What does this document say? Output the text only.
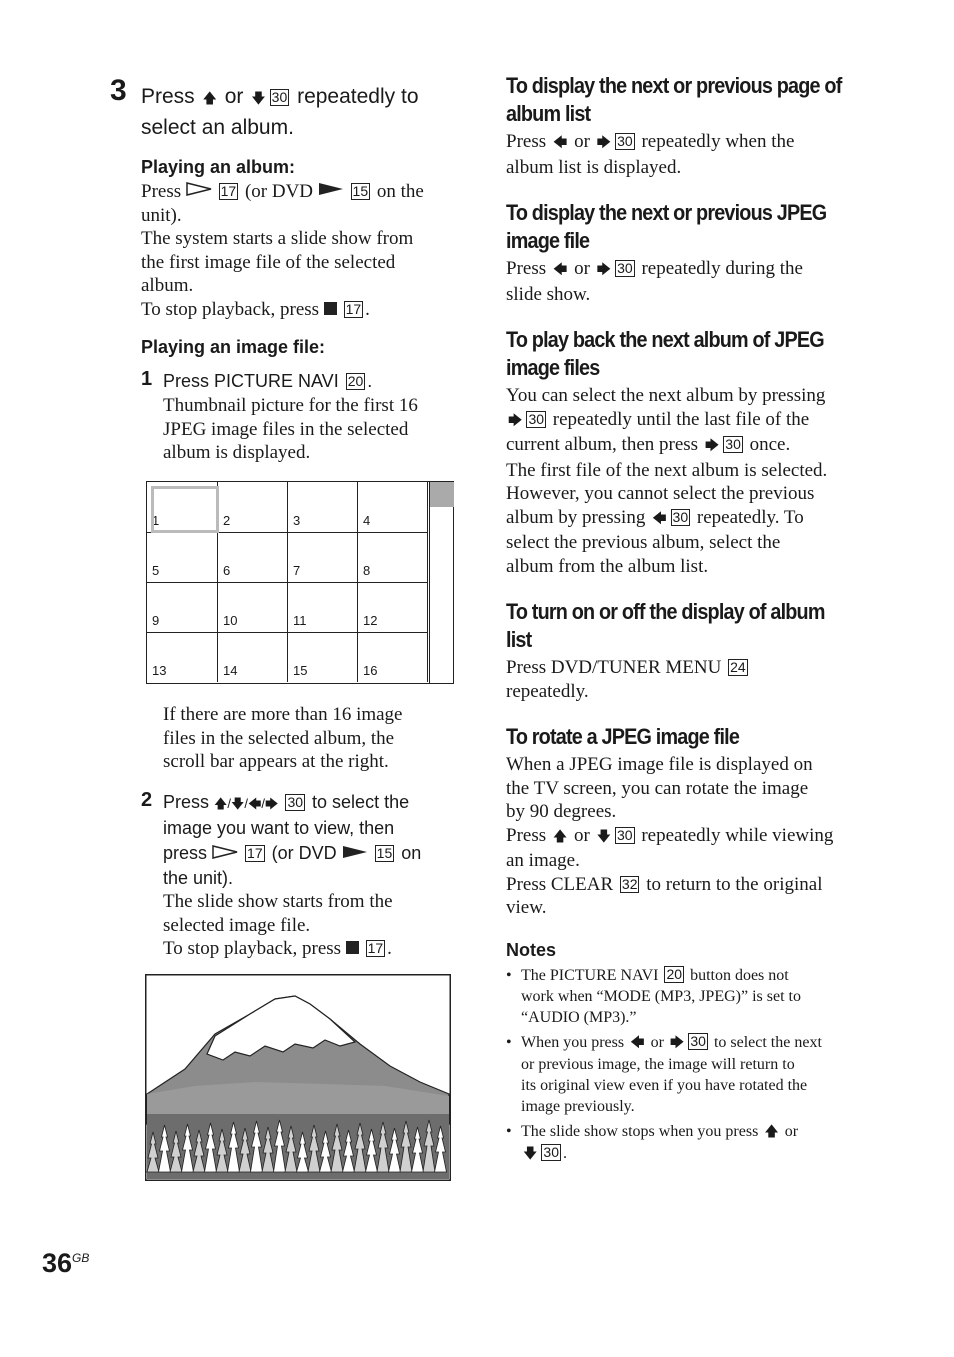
3 Press 🡅 or 🡇 30 repeatedly to
select an album.
Playing an album:
Press  17 (or DVD  15 on the
unit).
The system starts a slide show from
the first image file of the selected
album.
To stop playback, press  17 .
Playing an image file:
1 Press PICTURE NAVI 20 .
Thumbnail picture for the first 16
JPEG image files in the selected
album is displayed.
1	2	3	4
5	6	7	8
9	10	11	12
13	14	15	16
If there are more than 16 image
files in the selected album, the
scroll bar appears at the right.
2 Press 🡅/🡇/🡄/🡆 30 to select the
image you want to view, then
press	17 (or DVD	15 on
the unit).
The slide show starts from the
selected image file.
To stop playback, press  17 .
$36^{GB}$
To display the next or previous page of
album list
Press 🡄 or 🡆 30 repeatedly when the
album list is displayed.
To display the next or previous JPEG
image file
Press 🡄 or 🡆 30 repeatedly during the
slide show.
To play back the next album of JPEG
image files
You can select the next album by pressing
🡆 30 repeatedly until the last file of the
current album, then press 🡆 30 once.
The first file of the next album is selected.
However, you cannot select the previous
album by pressing 🡄 30 repeatedly. To
select the previous album, select the
album from the album list.
To turn on or off the display of album
list
Press DVD/TUNER MENU 24
repeatedly.
To rotate a JPEG image file
When a JPEG image file is displayed on
the TV screen, you can rotate the image
by 90 degrees.
Press 🡅 or 🡇 30 repeatedly while viewing
an image.
Press CLEAR 32 to return to the original
view.
Notes
• The PICTURE NAVI 20 button does not
work when “MODE (MP3, JPEG)” is set to
“AUDIO (MP3).”
• When you press 🡄 or 🡆 30 to select the next
or previous image, the image will return to
its original view even if you have rotated the
image previously.
• The slide show stops when you press 🡅 or
🡇 30 .
